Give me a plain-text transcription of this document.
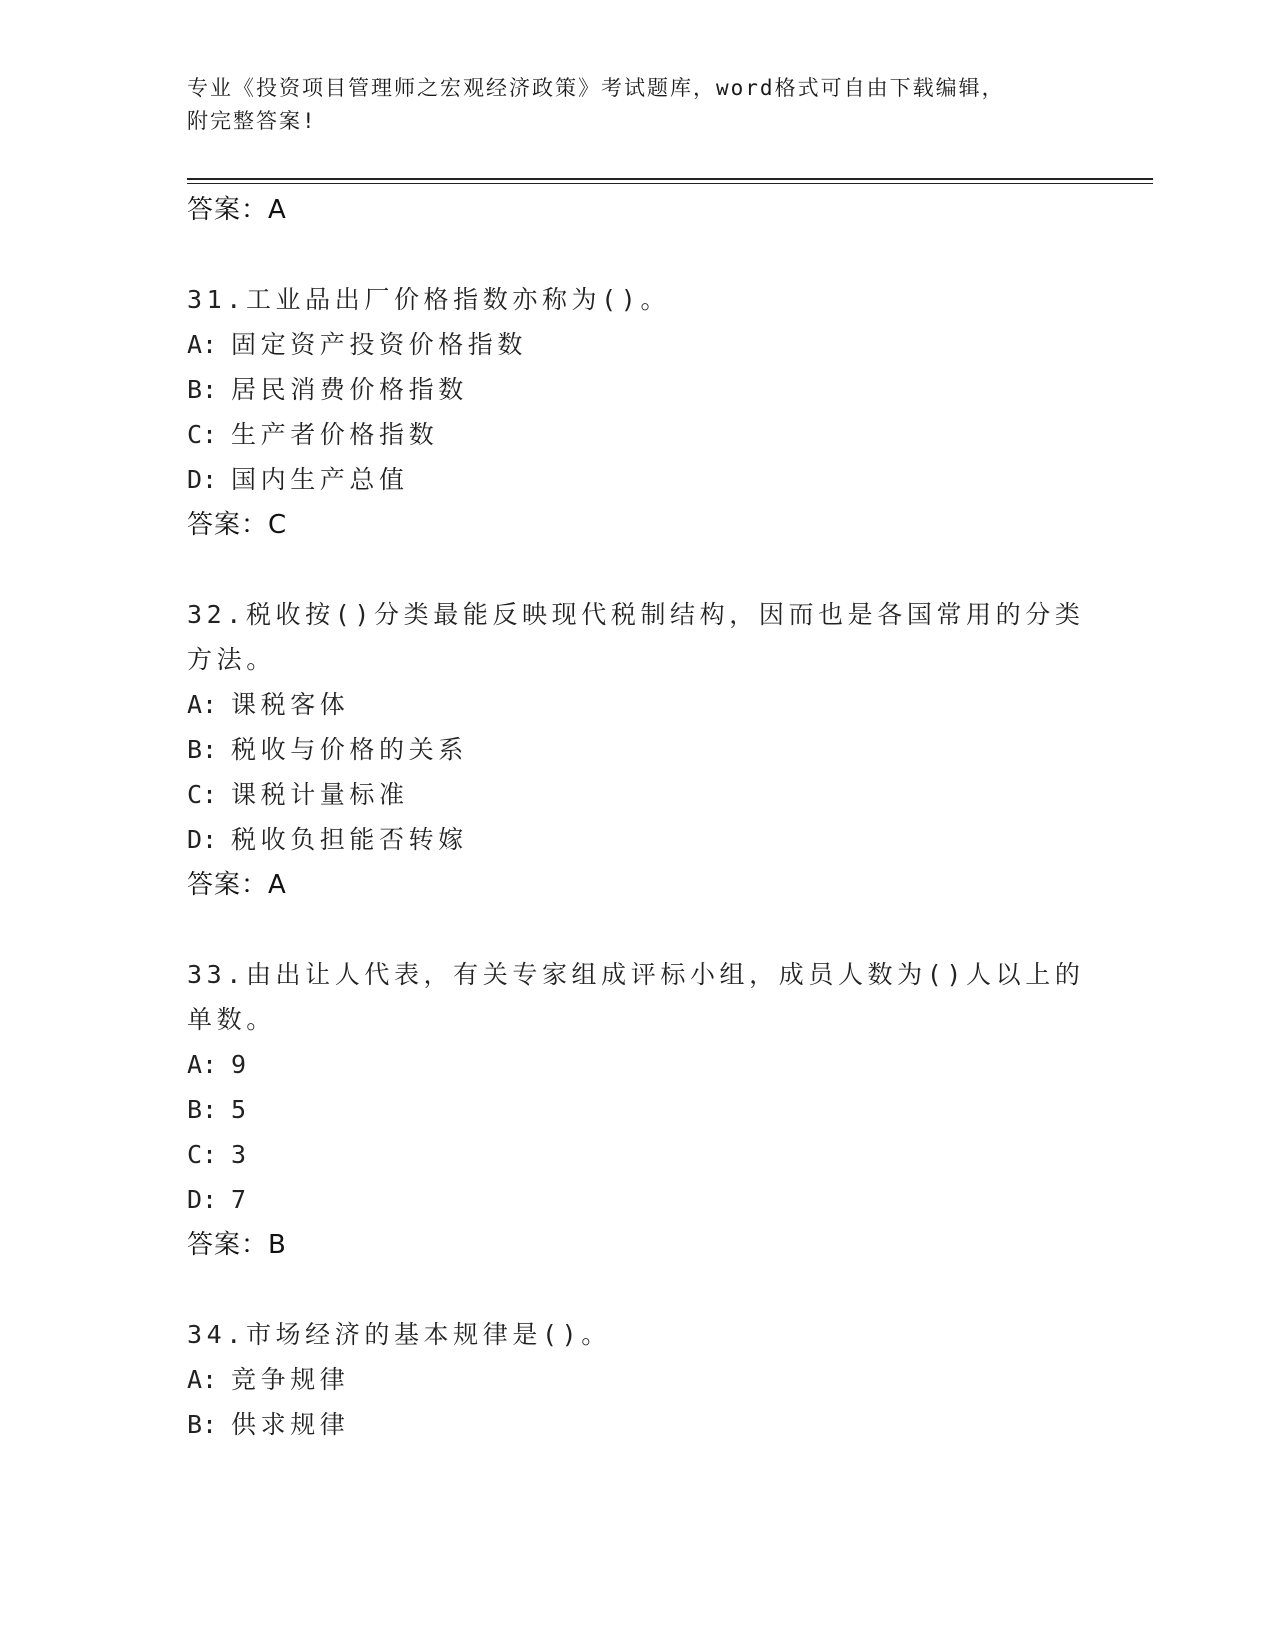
专业《投资项目管理师之宏观经济政策》考试题库，word格式可自由下载编辑，
附完整答案!
答案：A
31.工业品出厂价格指数亦称为()。
A: 固定资产投资价格指数
B: 居民消费价格指数
C: 生产者价格指数
D: 国内生产总值
答案：C
32.税收按()分类最能反映现代税制结构，因而也是各国常用的分类方法。
A: 课税客体
B: 税收与价格的关系
C: 课税计量标准
D: 税收负担能否转嫁
答案：A
33.由出让人代表，有关专家组成评标小组，成员人数为()人以上的单数。
A: 9
B: 5
C: 3
D: 7
答案：B
34.市场经济的基本规律是()。
A: 竞争规律
B: 供求规律
